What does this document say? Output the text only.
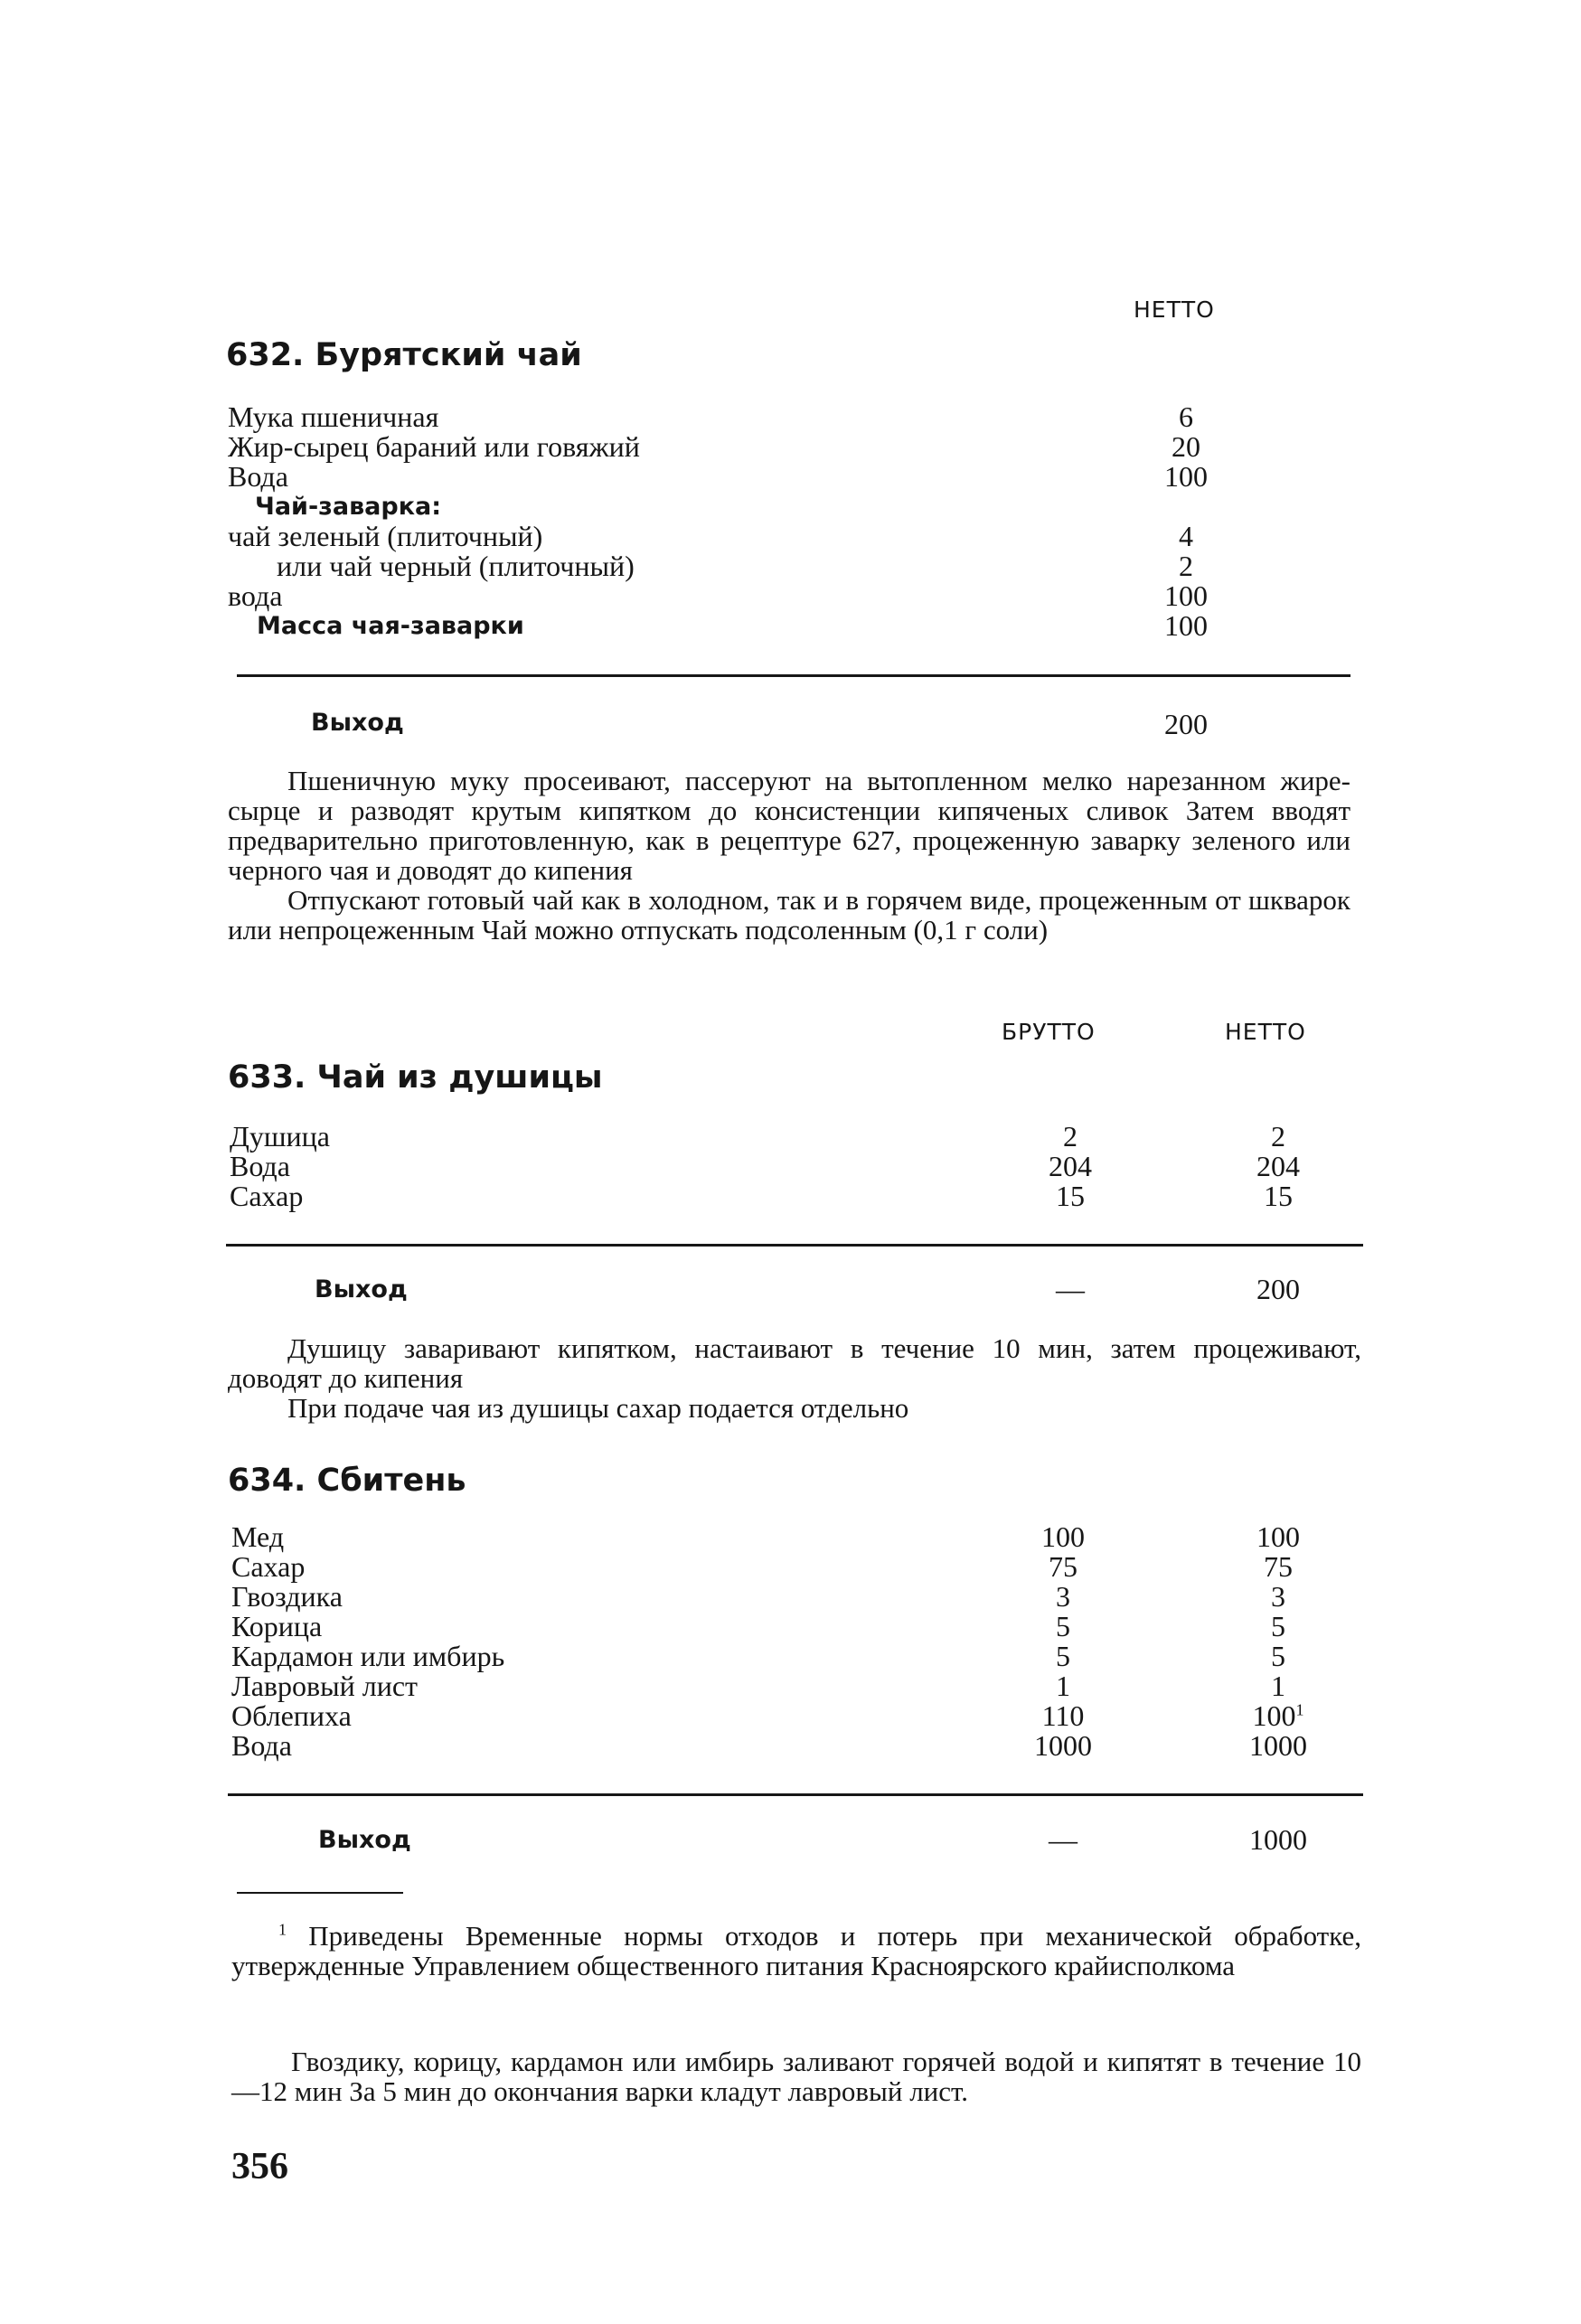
НЕТТО
632. Бурятский чай
Мука пшеничная	6
Жир-сырец бараний или говяжий	20
Вода	100
Чай-заварка:
чай зеленый (плиточный)	4
или чай черный (плиточный)	2
вода	100
Масса чая-заварки	100
Выход	200

Пшеничную муку просеивают, пассеруют на вытопленном мелко нарезанном жире-сырце и разводят крутым кипятком до консистенции кипяченых сливок Затем вводят предварительно приготовленную, как в рецептуре 627, процеженную заварку зеленого или черного чая и доводят до кипения

Отпускают готовый чай как в холодном, так и в горячем виде, процеженным от шкварок или непроцеженным Чай можно отпускать подсоленным (0,1 г соли)

БРУТТО	НЕТТО
633. Чай из душицы
Душица	2	2
Вода	204	204
Сахар	15	15
Выход	—	200

Душицу заваривают кипятком, настаивают в течение 10 мин, затем процеживают, доводят до кипения

При подаче чая из душицы сахар подается отдельно

634. Сбитень
Мед	100	100
Сахар	75	75
Гвоздика	3	3
Корица	5	5
Кардамон или имбирь	5	5
Лавровый лист	1	1
Облепиха	110	$100^1$
Вода	1000	1000
Выход	—	1000

$^1$ Приведены Временные нормы отходов и потерь при механической обработке, утвержденные Управлением общественного питания Красноярского крайисполкома

Гвоздику, корицу, кардамон или имбирь заливают горячей водой и кипятят в течение 10—12 мин За 5 мин до окончания варки кладут лавровый лист.

356
